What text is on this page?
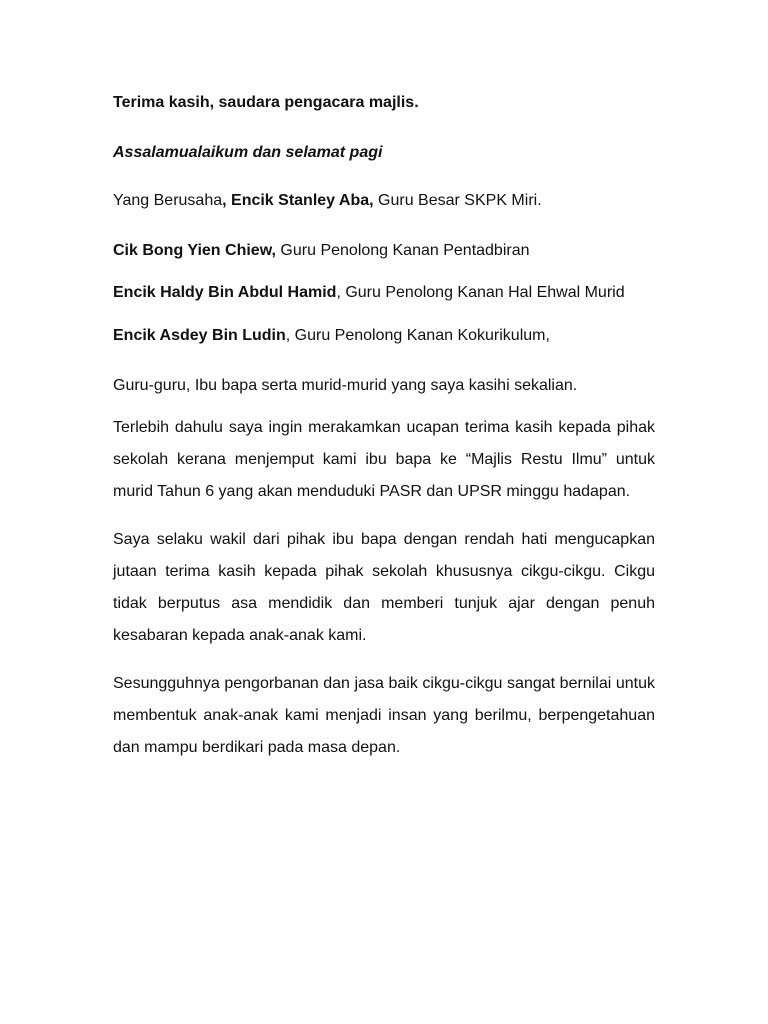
Terima kasih, saudara pengacara majlis.

Assalamualaikum dan selamat pagi

Yang Berusaha, Encik Stanley Aba, Guru Besar SKPK Miri.

Cik Bong Yien Chiew, Guru Penolong Kanan Pentadbiran

Encik Haldy Bin Abdul Hamid, Guru Penolong Kanan Hal Ehwal Murid

Encik Asdey Bin Ludin, Guru Penolong Kanan Kokurikulum,

Guru-guru, Ibu bapa serta murid-murid yang saya kasihi sekalian.

Terlebih dahulu saya ingin merakamkan ucapan terima kasih kepada pihak sekolah kerana menjemput kami ibu bapa ke “Majlis Restu Ilmu” untuk murid Tahun 6 yang akan menduduki PASR dan UPSR minggu hadapan.

Saya selaku wakil dari pihak ibu bapa dengan rendah hati mengucapkan jutaan terima kasih kepada pihak sekolah khususnya cikgu-cikgu. Cikgu tidak berputus asa mendidik dan memberi tunjuk ajar dengan penuh kesabaran kepada anak-anak kami.

Sesungguhnya pengorbanan dan jasa baik cikgu-cikgu sangat bernilai untuk membentuk anak-anak kami menjadi insan yang berilmu, berpengetahuan dan mampu berdikari pada masa depan.
